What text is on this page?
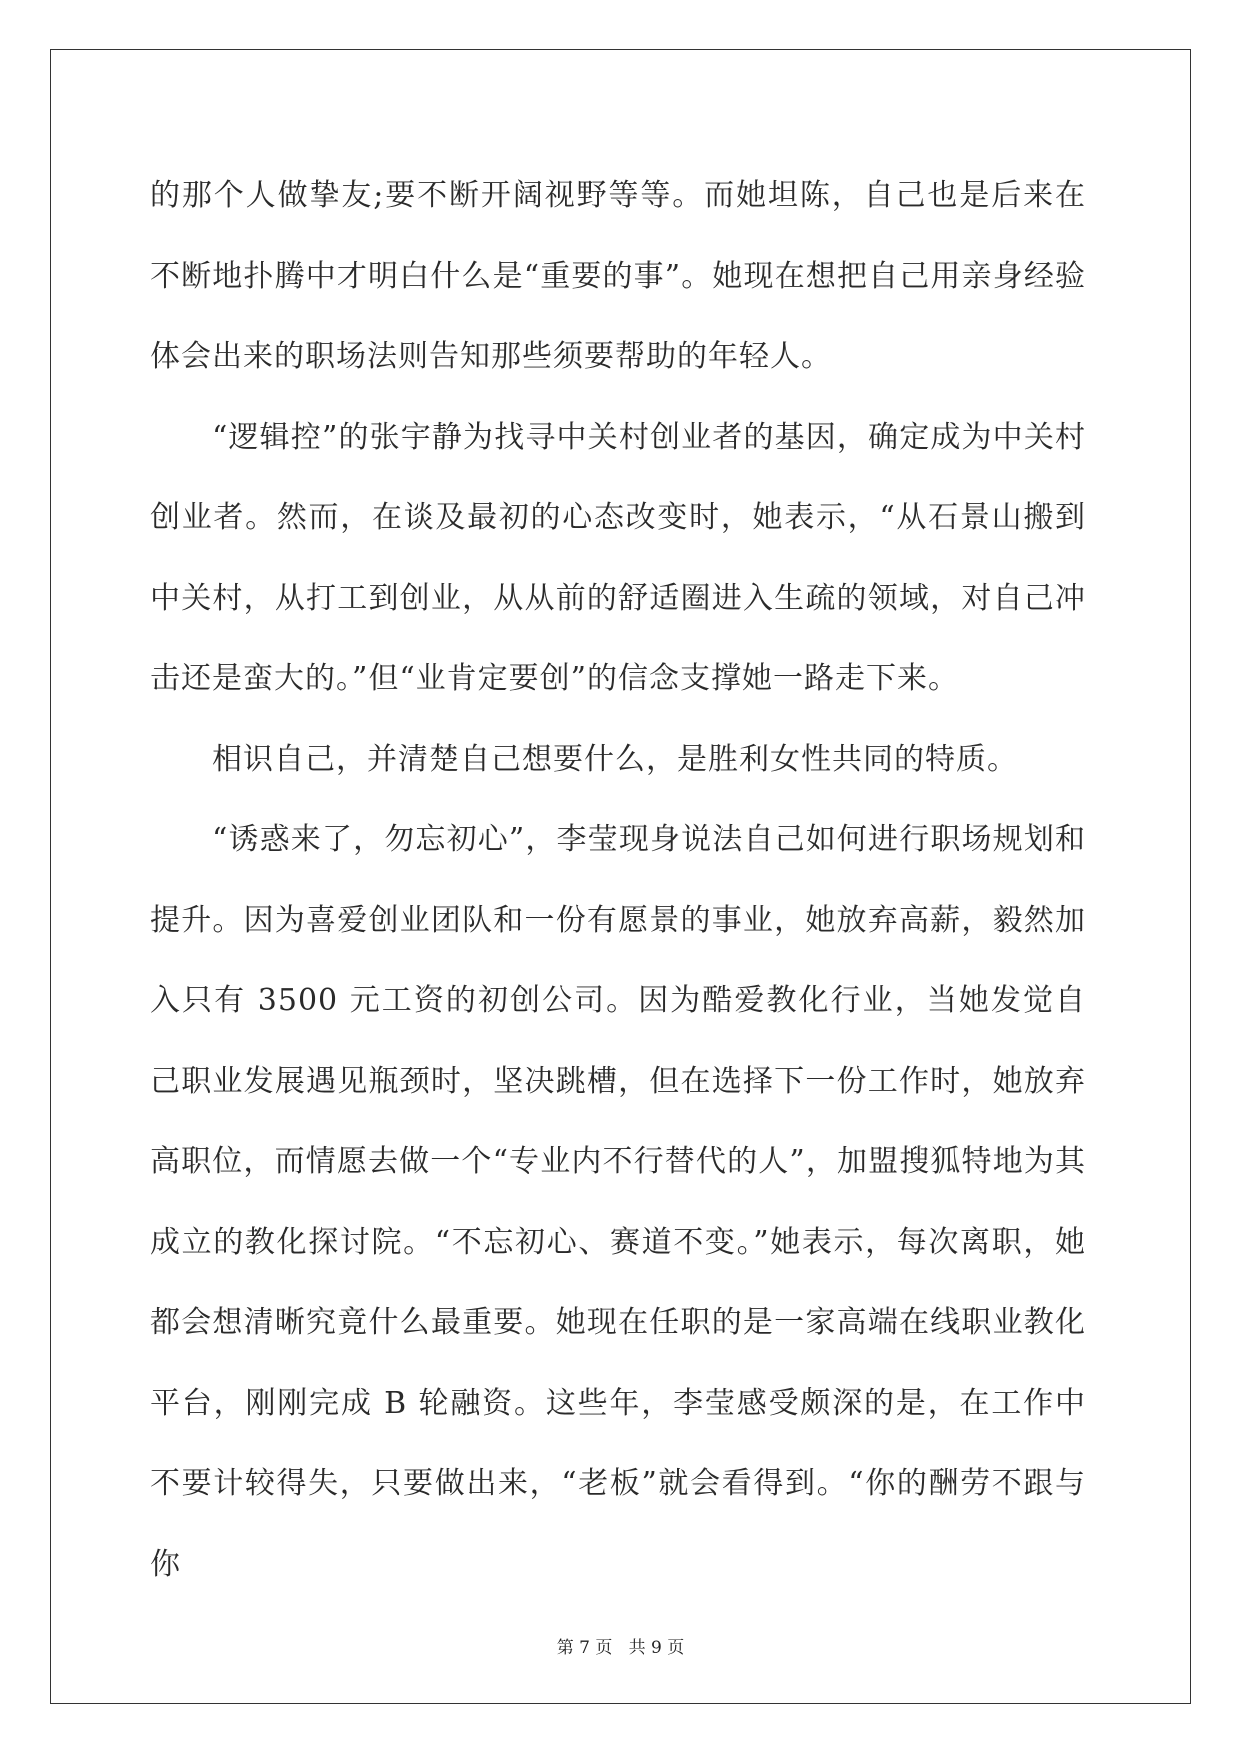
的那个人做挚友;要不断开阔视野等等。而她坦陈，自己也是后来在不断地扑腾中才明白什么是“重要的事”。她现在想把自己用亲身经验体会出来的职场法则告知那些须要帮助的年轻人。

“逻辑控”的张宇静为找寻中关村创业者的基因，确定成为中关村创业者。然而，在谈及最初的心态改变时，她表示，“从石景山搬到中关村，从打工到创业，从从前的舒适圈进入生疏的领域，对自己冲击还是蛮大的。”但“业肯定要创”的信念支撑她一路走下来。

相识自己，并清楚自己想要什么，是胜利女性共同的特质。

“诱惑来了，勿忘初心”，李莹现身说法自己如何进行职场规划和提升。因为喜爱创业团队和一份有愿景的事业，她放弃高薪，毅然加入只有 3500 元工资的初创公司。因为酷爱教化行业，当她发觉自己职业发展遇见瓶颈时，坚决跳槽，但在选择下一份工作时，她放弃高职位，而情愿去做一个“专业内不行替代的人”，加盟搜狐特地为其成立的教化探讨院。“不忘初心、赛道不变。”她表示，每次离职，她都会想清晰究竟什么最重要。她现在任职的是一家高端在线职业教化平台，刚刚完成 B 轮融资。这些年，李莹感受颇深的是，在工作中不要计较得失，只要做出来，“老板”就会看得到。“你的酬劳不跟与你

第 7 页   共 9 页
